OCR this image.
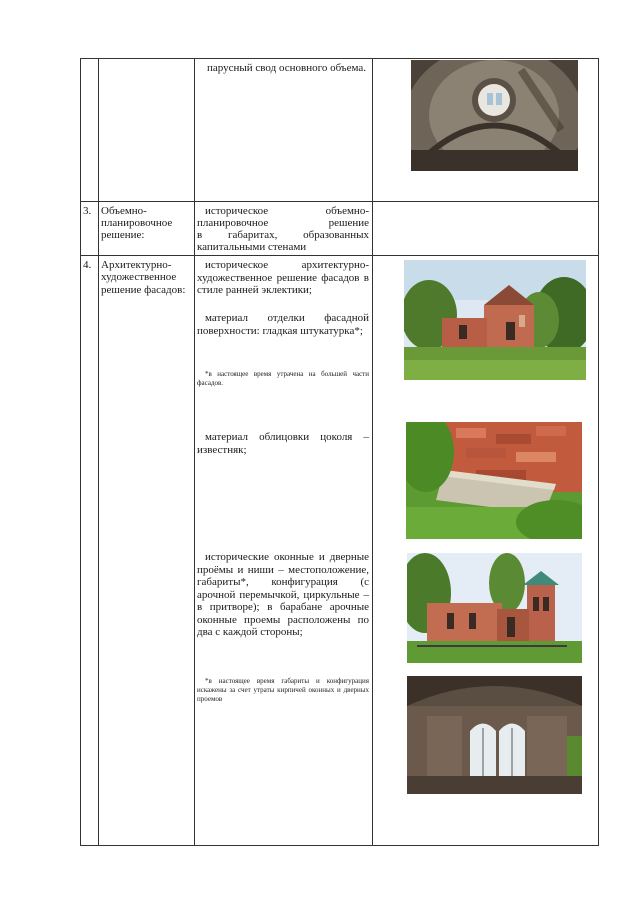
парусный свод основного объема.
3. Объемно-
планировочное
решение:
историческое объемно-
планировочное решение
в габаритах, образованных
капитальными стенами
4. Архитектурно-
художественное
решение фасадов:
историческое архитектурно-художественное решение фасадов в стиле ранней эклектики;
материал отделки фасадной поверхности: гладкая штукатурка*;
*в настоящее время утрачена на большей части фасадов.
материал облицовки цоколя – известняк;
исторические оконные и дверные проёмы и ниши – местоположение, габариты*, конфигурация (с арочной перемычкой, циркульные – в притворе); в барабане арочные оконные проемы расположены по два с каждой стороны;
*в настоящее время габариты и конфигурация искажены за счет утраты кирпичей оконных и дверных проемов
